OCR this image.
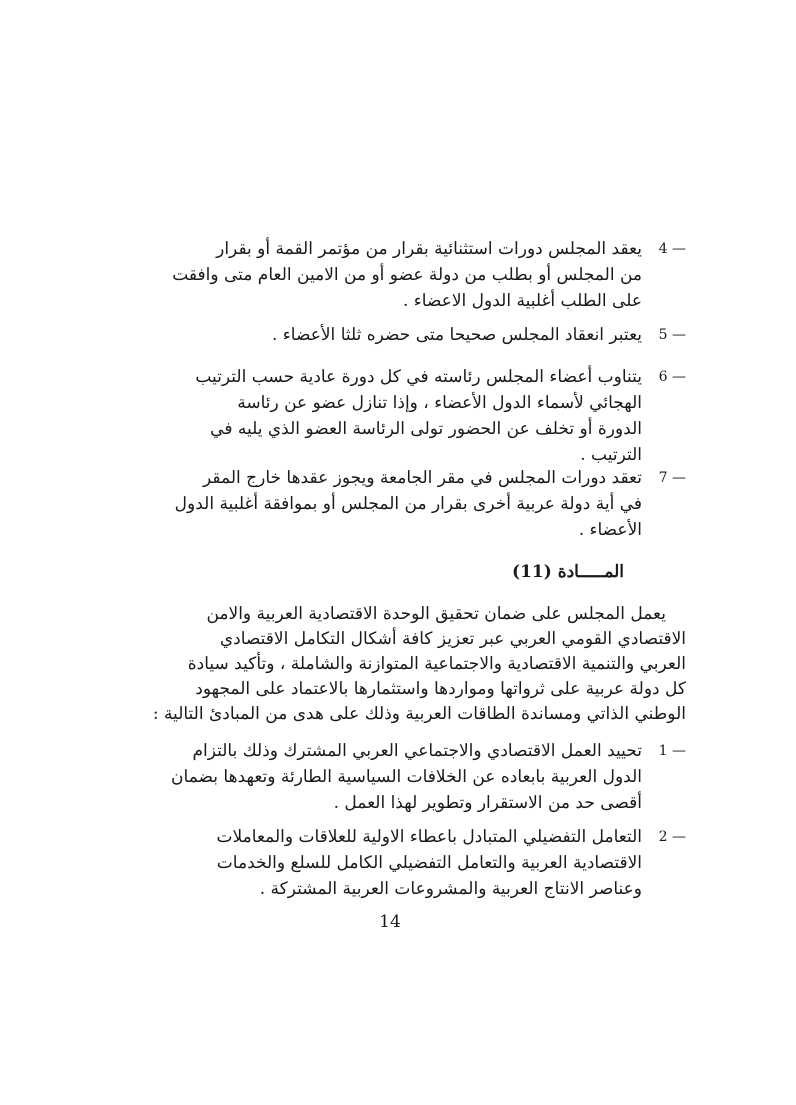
4 —
يعقد المجلس دورات استثنائية بقرار من مؤتمر القمة أو بقرار
من المجلس أو بطلب من دولة عضو أو من الامين العام متى وافقت
على الطلب أغلبية الدول الاعضاء .
5 —
يعتبر انعقاد المجلس صحيحا متى حضره ثلثا الأعضاء .
6 —
يتناوب أعضاء المجلس رئاسته في كل دورة عادية حسب الترتيب
الهجائي لأسماء الدول الأعضاء ، وإذا تنازل عضو عن رئاسة
الدورة أو تخلف عن الحضور تولى الرئاسة العضو الذي يليه في
الترتيب .
7 —
تعقد دورات المجلس في مقر الجامعة ويجوز عقدها خارج المقر
في أية دولة عربية أخرى بقرار من المجلس أو بموافقة أغلبية الدول
الأعضاء .
المـــــادة (11)
يعمل المجلس على ضمان تحقيق الوحدة الاقتصادية العربية والامن
الاقتصادي القومي العربي عبر تعزيز كافة أشكال التكامل الاقتصادي
العربي والتنمية الاقتصادية والاجتماعية المتوازنة والشاملة ، وتأكيد سيادة
كل دولة عربية على ثرواتها ومواردها واستثمارها بالاعتماد على المجهود
الوطني الذاتي ومساندة الطاقات العربية وذلك على هدى من المبادئ التالية :
1 —
تحييد العمل الاقتصادي والاجتماعي العربي المشترك وذلك بالتزام
الدول العربية بابعاده عن الخلافات السياسية الطارئة وتعهدها بضمان
أقصى حد من الاستقرار وتطوير لهذا العمل .
2 —
التعامل التفضيلي المتبادل باعطاء الاولية للعلاقات والمعاملات
الاقتصادية العربية والتعامل التفضيلي الكامل للسلع والخدمات
وعناصر الانتاج العربية والمشروعات العربية المشتركة .
14
